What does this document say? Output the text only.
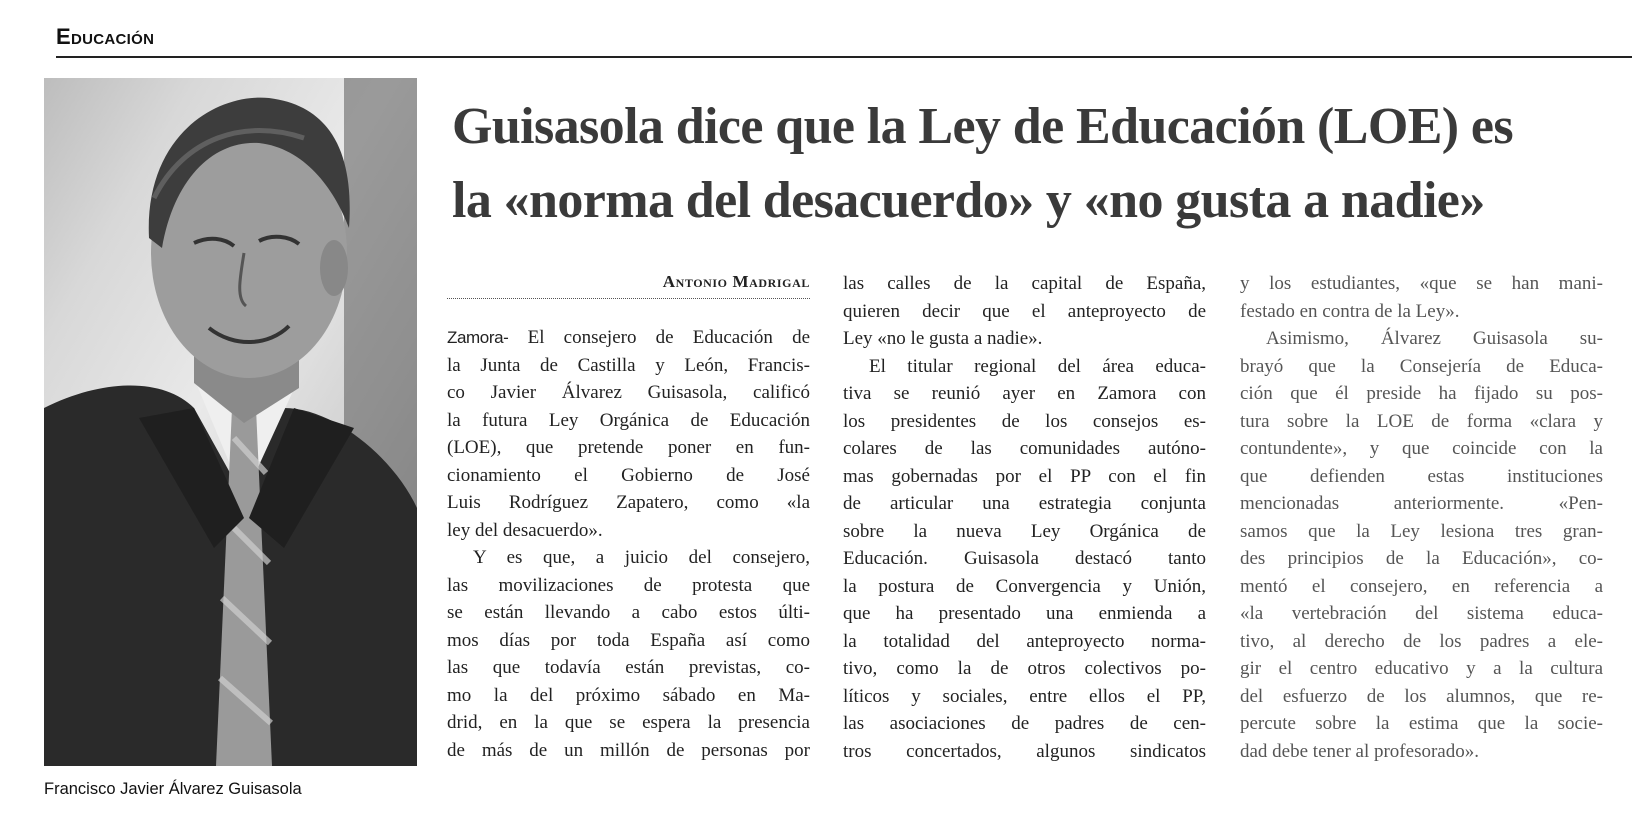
Educación
Francisco Javier Álvarez Guisasola
Guisasola dice que la Ley de Educación (LOE) es
la «norma del desacuerdo» y «no gusta a nadie»
Antonio Madrigal
Zamora- El consejero de Educación de
la Junta de Castilla y León, Francis-
co Javier Álvarez Guisasola, calificó
la futura Ley Orgánica de Educación
(LOE), que pretende poner en fun-
cionamiento el Gobierno de José
Luis Rodríguez Zapatero, como «la
ley del desacuerdo».
Y es que, a juicio del consejero,
las movilizaciones de protesta que
se están llevando a cabo estos últi-
mos días por toda España así como
las que todavía están previstas, co-
mo la del próximo sábado en Ma-
drid, en la que se espera la presencia
de más de un millón de personas por
las calles de la capital de España,
quieren decir que el anteproyecto de
Ley «no le gusta a nadie».
El titular regional del área educa-
tiva se reunió ayer en Zamora con
los presidentes de los consejos es-
colares de las comunidades autóno-
mas gobernadas por el PP con el fin
de articular una estrategia conjunta
sobre la nueva Ley Orgánica de
Educación. Guisasola destacó tanto
la postura de Convergencia y Unión,
que ha presentado una enmienda a
la totalidad del anteproyecto norma-
tivo, como la de otros colectivos po-
líticos y sociales, entre ellos el PP,
las asociaciones de padres de cen-
tros concertados, algunos sindicatos
y los estudiantes, «que se han mani-
festado en contra de la Ley».
Asimismo, Álvarez Guisasola su-
brayó que la Consejería de Educa-
ción que él preside ha fijado su pos-
tura sobre la LOE de forma «clara y
contundente», y que coincide con la
que defienden estas instituciones
mencionadas anteriormente. «Pen-
samos que la Ley lesiona tres gran-
des principios de la Educación», co-
mentó el consejero, en referencia a
«la vertebración del sistema educa-
tivo, al derecho de los padres a ele-
gir el centro educativo y a la cultura
del esfuerzo de los alumnos, que re-
percute sobre la estima que la socie-
dad debe tener al profesorado».
